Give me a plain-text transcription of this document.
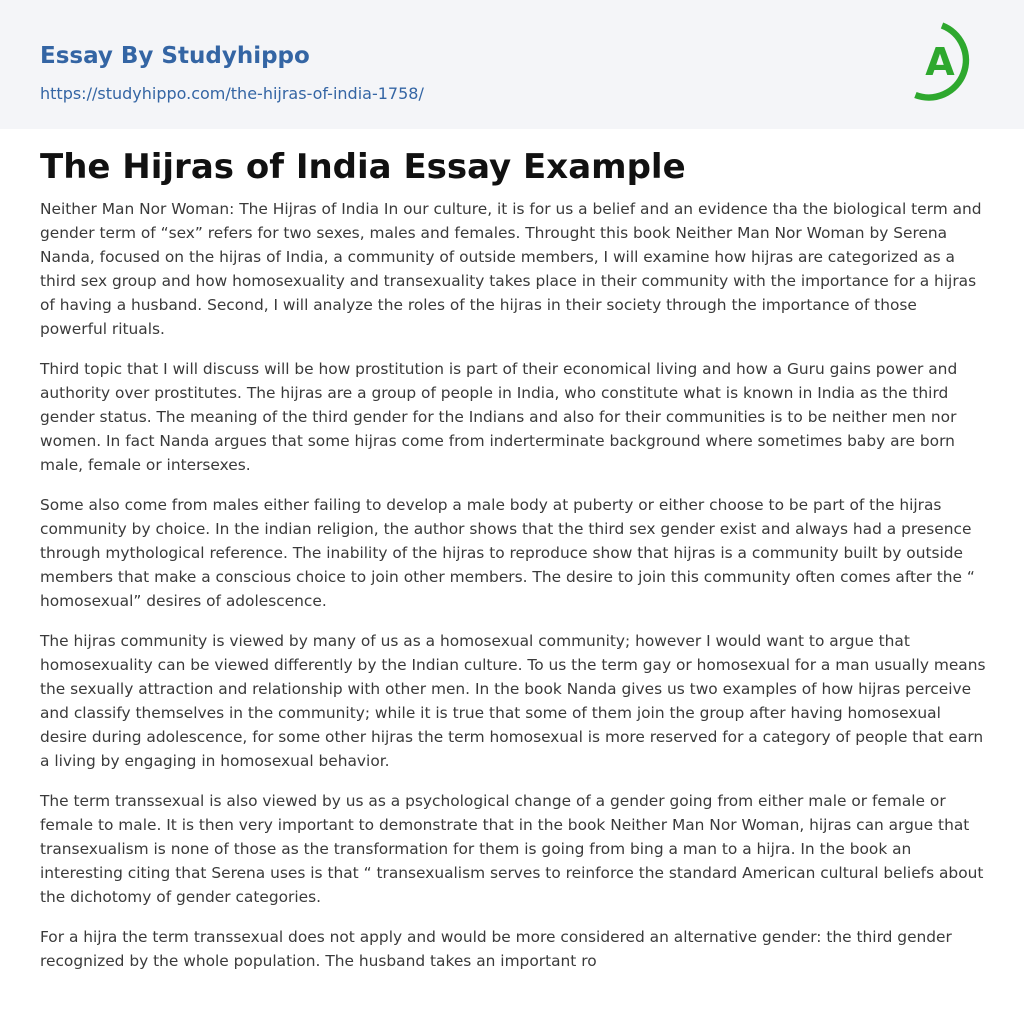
Essay By Studyhippo
https://studyhippo.com/the-hijras-of-india-1758/
A
The Hijras of India Essay Example

Neither Man Nor Woman: The Hijras of India In our culture, it is for us a belief and an evidence tha the biological term and gender term of “sex” refers for two sexes, males and females. Throught this book Neither Man Nor Woman by Serena Nanda, focused on the hijras of India, a community of outside members, I will examine how hijras are categorized as a third sex group and how homosexuality and transexuality takes place in their community with the importance for a hijras of having a husband. Second, I will analyze the roles of the hijras in their society through the importance of those powerful rituals.

Third topic that I will discuss will be how prostitution is part of their economical living and how a Guru gains power and authority over prostitutes. The hijras are a group of people in India, who constitute what is known in India as the third gender status. The meaning of the third gender for the Indians and also for their communities is to be neither men nor women. In fact Nanda argues that some hijras come from inderterminate background where sometimes baby are born male, female or intersexes.

Some also come from males either failing to develop a male body at puberty or either choose to be part of the hijras community by choice. In the indian religion, the author shows that the third sex gender exist and always had a presence through mythological reference. The inability of the hijras to reproduce show that hijras is a community built by outside members that make a conscious choice to join other members. The desire to join this community often comes after the “ homosexual” desires of adolescence.

The hijras community is viewed by many of us as a homosexual community; however I would want to argue that homosexuality can be viewed differently by the Indian culture. To us the term gay or homosexual for a man usually means the sexually attraction and relationship with other men. In the book Nanda gives us two examples of how hijras perceive and classify themselves in the community; while it is true that some of them join the group after having homosexual desire during adolescence, for some other hijras the term homosexual is more reserved for a category of people that earn a living by engaging in homosexual behavior.

The term transsexual is also viewed by us as a psychological change of a gender going from either male or female or female to male. It is then very important to demonstrate that in the book Neither Man Nor Woman, hijras can argue that transexualism is none of those as the transformation for them is going from bing a man to a hijra. In the book an interesting citing that Serena uses is that “ transexualism serves to reinforce the standard American cultural beliefs about the dichotomy of gender categories.

For a hijra the term transsexual does not apply and would be more considered an alternative gender: the third gender recognized by the whole population. The husband takes an important ro
